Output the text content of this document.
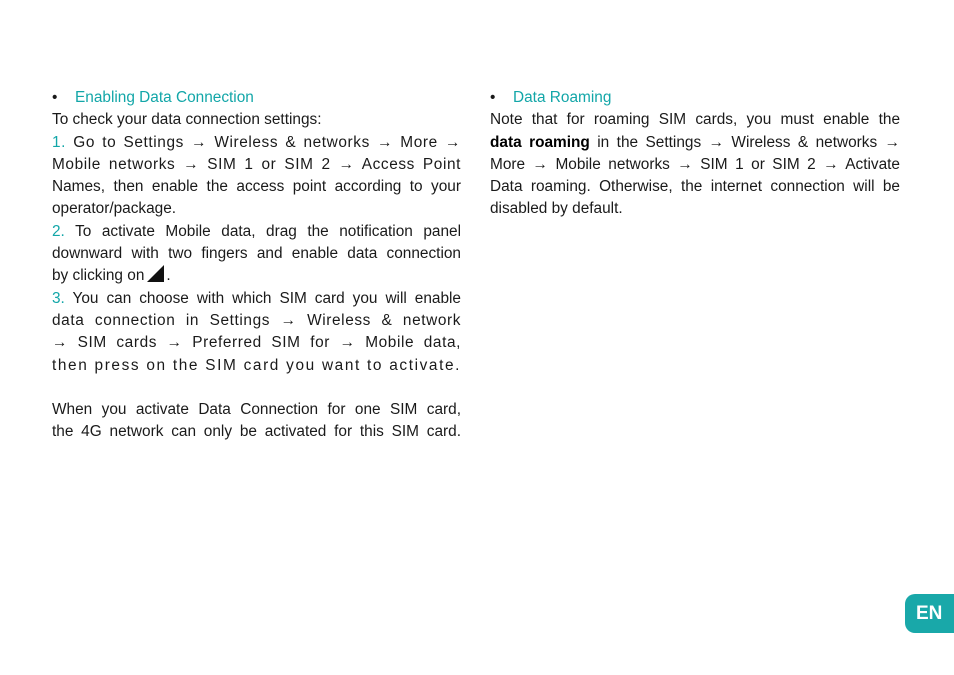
•	Enabling Data Connection

To check your data connection settings:

1. Go to Settings → Wireless & networks → More →

Mobile networks → SIM 1 or SIM 2 → Access Point

Names, then enable the access point according to your

operator/package.

2. To activate Mobile data, drag the notification panel

downward with two fingers and enable data connection

by clicking on .

3. You can choose with which SIM card you will enable

data connection in Settings → Wireless & network

→ SIM cards → Preferred SIM for → Mobile data,

then press on the SIM card you want to activate.

When you activate Data Connection for one SIM card,

the 4G network can only be activated for this SIM card.

•	Data Roaming

Note that for roaming SIM cards, you must enable the

data roaming in the Settings → Wireless & networks →

More → Mobile networks → SIM 1 or SIM 2 → Activate

Data roaming. Otherwise, the internet connection will be

disabled by default.

EN
